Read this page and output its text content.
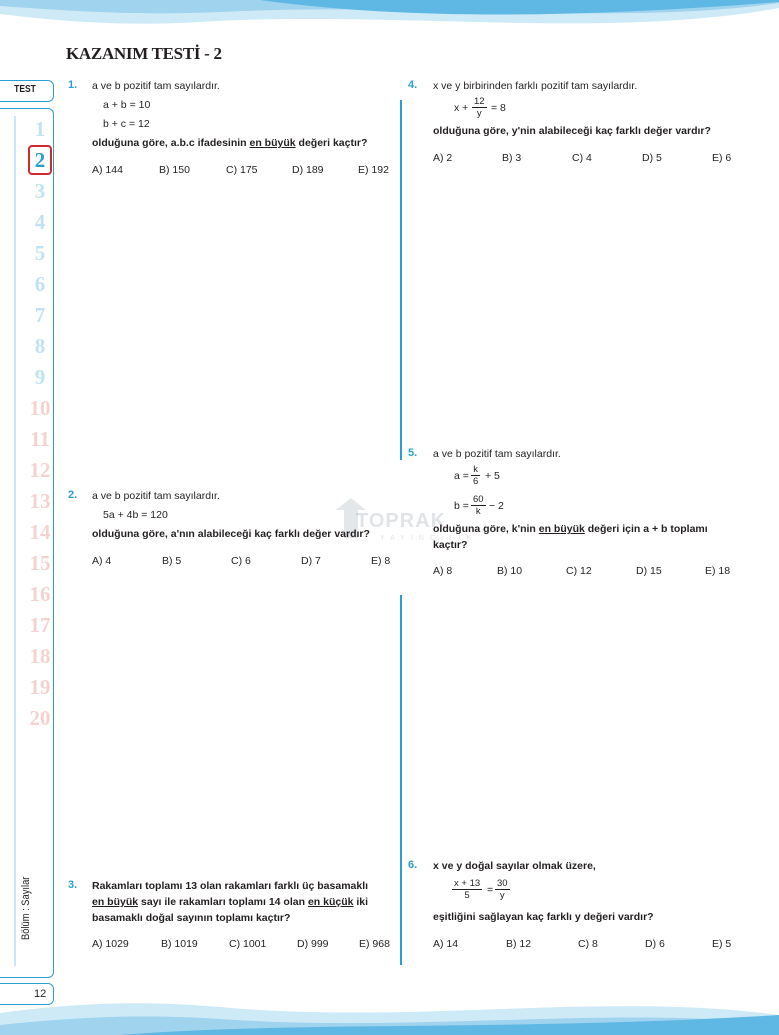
KAZANIM TESTİ - 2
TEST
1
2
3
4
5
6
7
8
9
10
11
12
13
14
15
16
17
18
19
20
Bölüm : Sayılar
12
TOPRAK
YAYINCILIK
1. a ve b pozitif tam sayılardır.
a + b = 10
b + c = 12
olduğuna göre, a.b.c ifadesinin en büyük değeri kaçtır?
A) 144	B) 150	C) 175	D) 189	E) 192
2. a ve b pozitif tam sayılardır.
5a + 4b = 120
olduğuna göre, a'nın alabileceği kaç farklı değer vardır?
A) 4	B) 5	C) 6	D) 7	E) 8
3. Rakamları toplamı 13 olan rakamları farklı üç basamaklı
en büyük sayı ile rakamları toplamı 14 olan en küçük iki
basamaklı doğal sayının toplamı kaçtır?
A) 1029	B) 1019	C) 1001	D) 999	E) 968
4. x ve y birbirinden farklı pozitif tam sayılardır.
$x + \frac{12}{y} = 8$
olduğuna göre, y'nin alabileceği kaç farklı değer vardır?
A) 2	B) 3	C) 4	D) 5	E) 6
5. a ve b pozitif tam sayılardır.
$a = \frac{k}{6} + 5$
$b = \frac{60}{k} - 2$
olduğuna göre, k'nin en büyük değeri için a + b toplamı
kaçtır?
A) 8	B) 10	C) 12	D) 15	E) 18
6. x ve y doğal sayılar olmak üzere,
$\frac{x + 13}{5} = \frac{30}{y}$
eşitliğini sağlayan kaç farklı y değeri vardır?
A) 14	B) 12	C) 8	D) 6	E) 5
